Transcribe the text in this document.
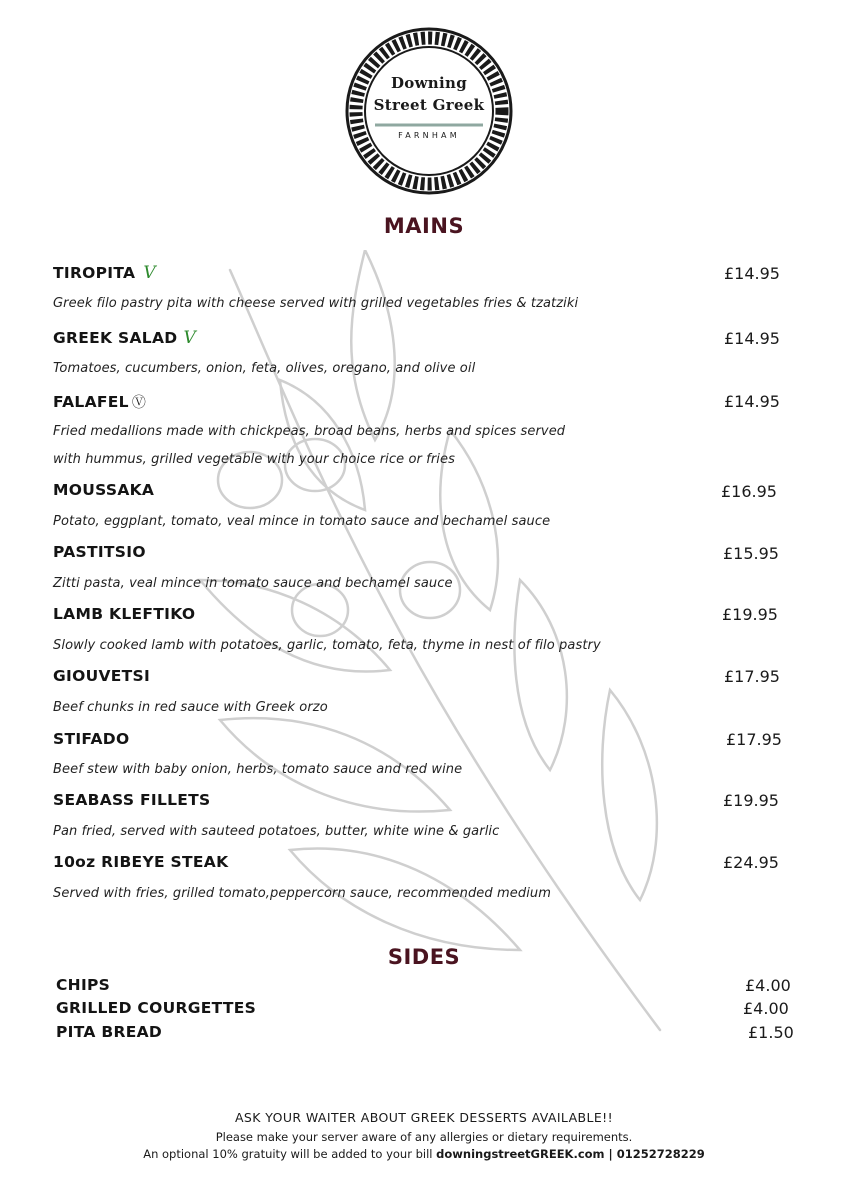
Downing
Street Greek
FARNHAM
MAINS
TIROPITA V	£14.95
Greek filo pastry pita with cheese served with grilled vegetables fries & tzatziki
GREEK SALAD V	£14.95
Tomatoes, cucumbers, onion, feta, olives, oregano, and olive oil
FALAFEL Ⓥ	£14.95
Fried medallions made with chickpeas, broad beans, herbs and spices served
with hummus, grilled vegetable with your choice rice or fries
MOUSSAKA	£16.95
Potato, eggplant, tomato, veal mince in tomato sauce and bechamel sauce
PASTITSIO	£15.95
Zitti pasta, veal mince in tomato sauce and bechamel sauce
LAMB KLEFTIKO	£19.95
Slowly cooked lamb with potatoes, garlic, tomato, feta, thyme in nest of filo pastry
GIOUVETSI	£17.95
Beef chunks in red sauce with Greek orzo
STIFADO	£17.95
Beef stew with baby onion, herbs, tomato sauce and red wine
SEABASS FILLETS	£19.95
Pan fried, served with sauteed potatoes, butter, white wine & garlic
10oz RIBEYE STEAK	£24.95
Served with fries, grilled tomato,peppercorn sauce, recommended medium
SIDES
CHIPS	£4.00
GRILLED COURGETTES	£4.00
PITA BREAD	£1.50
ASK YOUR WAITER ABOUT GREEK DESSERTS AVAILABLE!!
Please make your server aware of any allergies or dietary requirements.
An optional 10% gratuity will be added to your bill downingstreetGREEK.com | 01252728229
